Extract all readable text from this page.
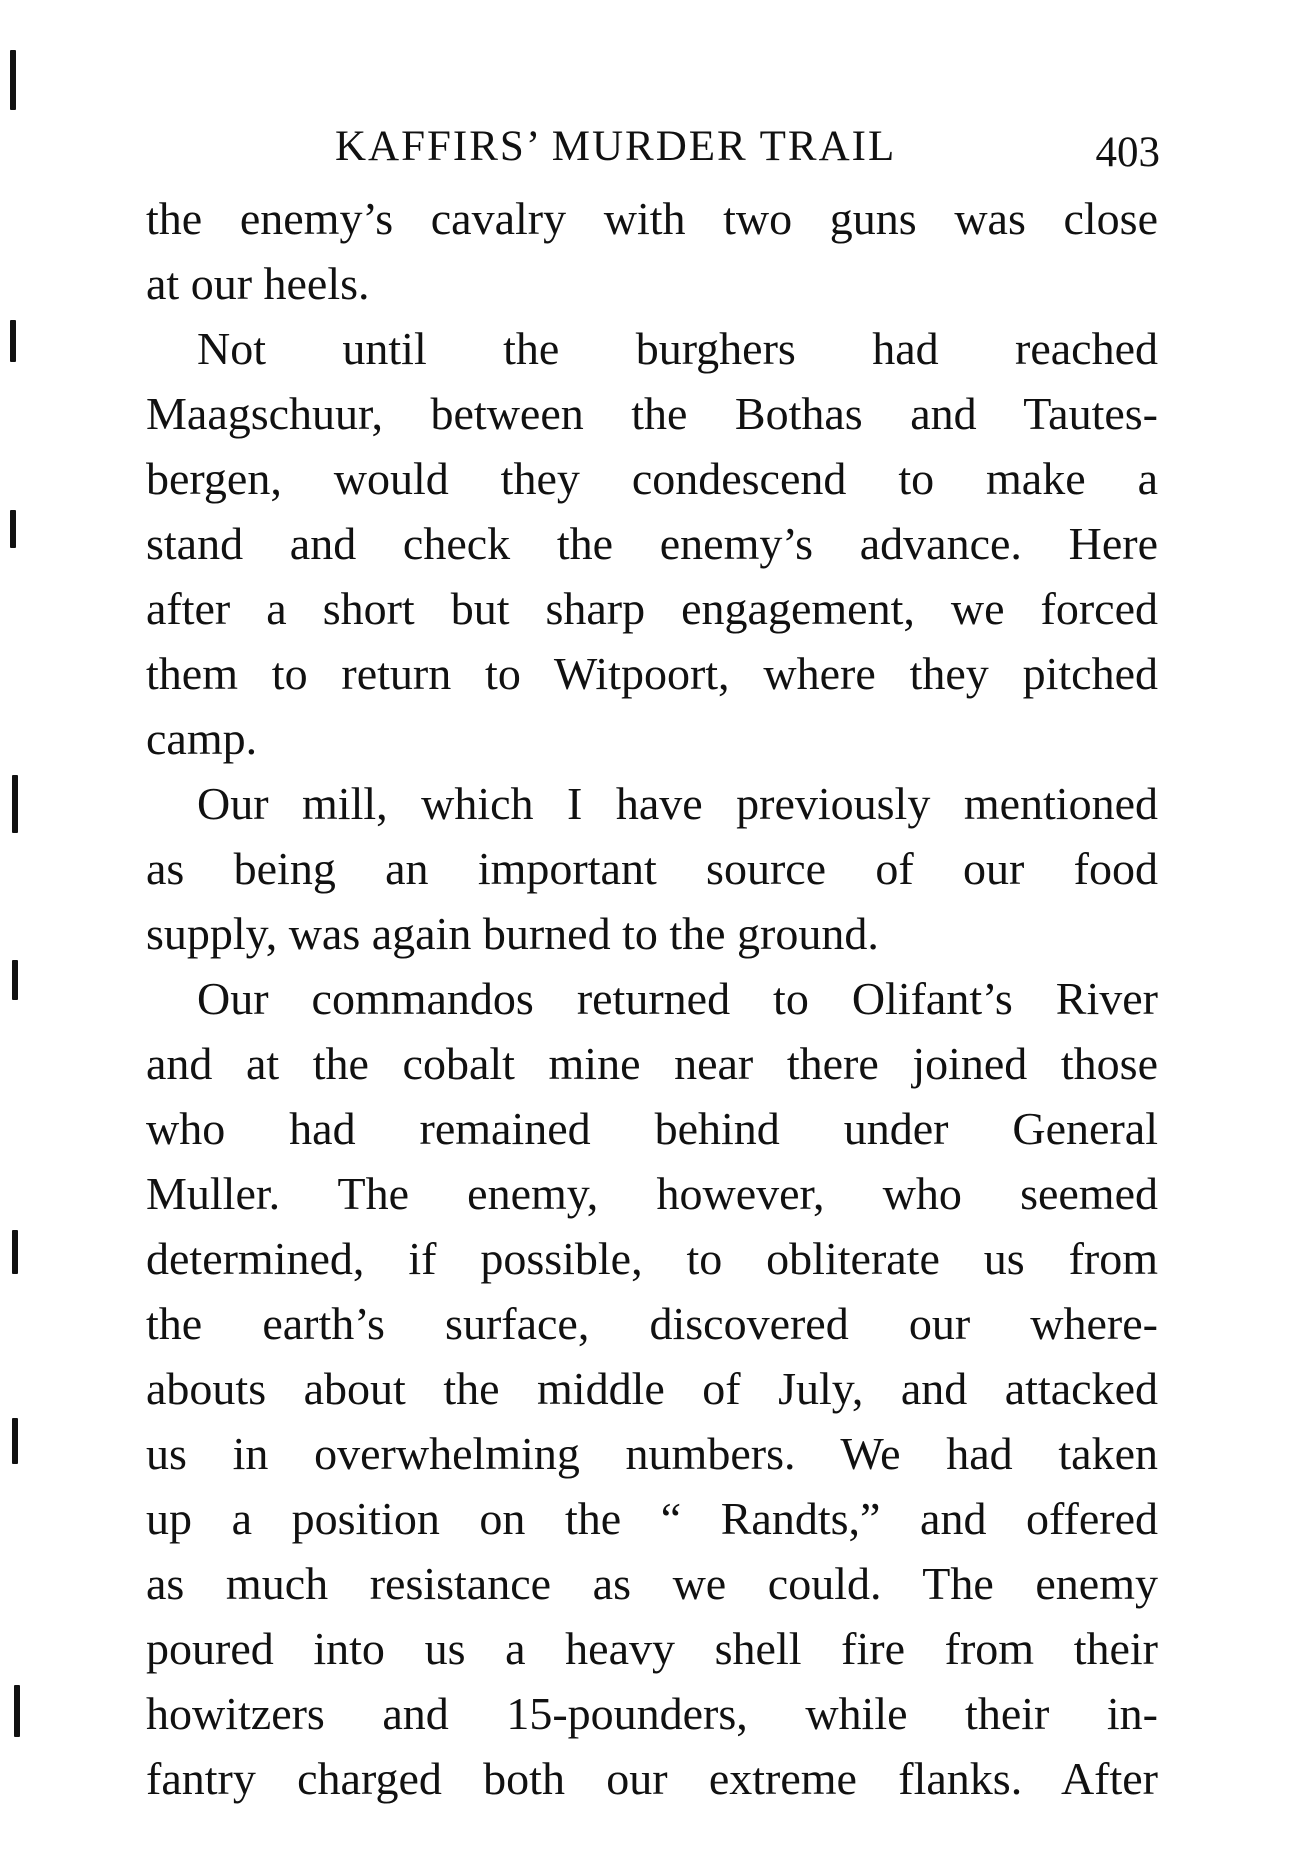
KAFFIRS’ MURDER TRAIL	403
the enemy’s cavalry with two guns was close
at our heels.
Not until the burghers had reached
Maagschuur, between the Bothas and Tautes-
bergen, would they condescend to make a
stand and check the enemy’s advance. Here
after a short but sharp engagement, we forced
them to return to Witpoort, where they pitched
camp.
Our mill, which I have previously mentioned
as being an important source of our food
supply, was again burned to the ground.
Our commandos returned to Olifant’s River
and at the cobalt mine near there joined those
who had remained behind under General
Muller. The enemy, however, who seemed
determined, if possible, to obliterate us from
the earth’s surface, discovered our where-
abouts about the middle of July, and attacked
us in overwhelming numbers. We had taken
up a position on the “ Randts,” and offered
as much resistance as we could. The enemy
poured into us a heavy shell fire from their
howitzers and 15-pounders, while their in-
fantry charged both our extreme flanks. After
